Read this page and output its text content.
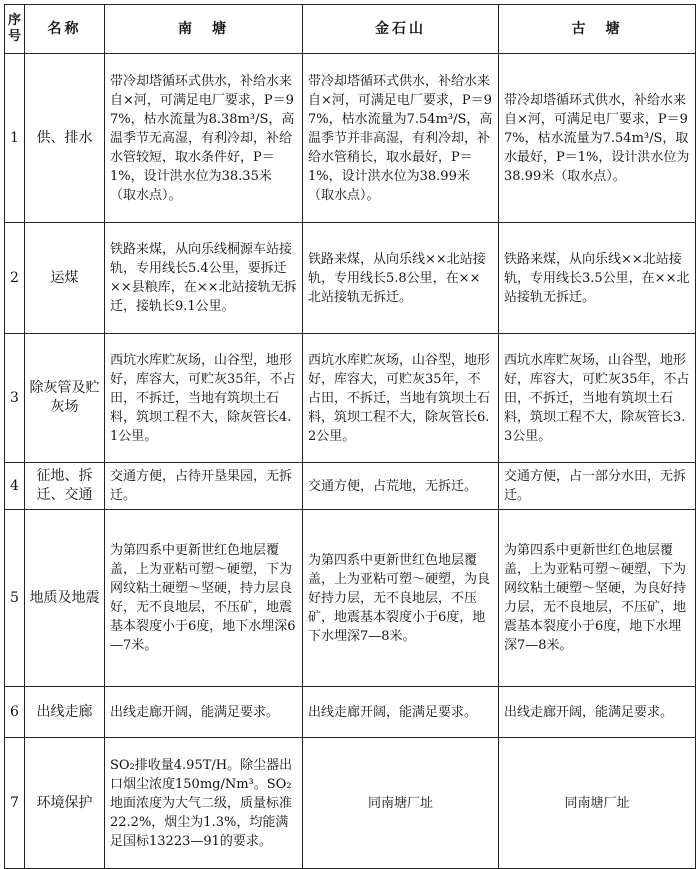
序号	名称	南　塘	金石山	古　塘
1	供、排水	带冷却塔循环式供水，补给水来自×河，可满足电厂要求，P＝97%，枯水流量为8.38m³/S，高温季节无高湿，有利冷却，补给水管较短，取水条件好，P＝1%，设计洪水位为38.35米（取水点）。	带冷却塔循环式供水，补给水来自×河，可满足电厂要求，P＝97%，枯水流量为7.54m³/S，高温季节并非高湿，有利冷却，补给水管稍长，取水最好，P＝1%，设计洪水位为38.99米（取水点）。	带冷却塔循环式供水，补给水来自×河，可满足电厂要求，P＝97%，枯水流量为7.54m³/S，取水最好，P＝1%，设计洪水位为38.99米（取水点）。
2	运煤	铁路来煤，从向乐线桐源车站接轨，专用线长5.4公里，要拆迁××县粮库，在××北站接轨无拆迁，接轨长9.1公里。	铁路来煤，从向乐线××北站接轨，专用线长5.8公里，在××北站接轨无拆迁。	铁路来煤，从向乐线××北站接轨，专用线长3.5公里，在××北站接轨无拆迁。
3	除灰管及贮灰场	西坑水库贮灰场，山谷型，地形好，库容大，可贮灰35年，不占田，不拆迁，当地有筑坝土石料，筑坝工程不大，除灰管长4.1公里。	西坑水库贮灰场，山谷型，地形好，库容大，可贮灰35年，不占田，不拆迁，当地有筑坝土石料，筑坝工程不大，除灰管长6.2公里。	西坑水库贮灰场，山谷型，地形好，库容大，可贮灰35年，不占田，不拆迁，当地有筑坝土石料，筑坝工程不大，除灰管长3.3公里。
4	征地、拆迁、交通	交通方便，占待开垦果园，无拆迁。	交通方便，占荒地，无拆迁。	交通方便，占一部分水田，无拆迁。
5	地质及地震	为第四系中更新世红色地层覆盖，上为亚粘可塑～硬塑，下为网纹粘土硬塑～坚硬，持力层良好，无不良地层，不压矿，地震基本裂度小于6度，地下水埋深6—7米。	为第四系中更新世红色地层覆盖，上为亚粘可塑～硬塑，为良好持力层，无不良地层，不压矿，地震基本裂度小于6度，地下水埋深7—8米。	为第四系中更新世红色地层覆盖，上为亚粘可塑～硬塑，下为网纹粘土硬塑～坚硬，为良好持力层，无不良地层，不压矿，地震基本裂度小于6度，地下水埋深7—8米。
6	出线走廊	出线走廊开阔，能满足要求。	出线走廊开阔，能满足要求。	出线走廊开阔，能满足要求。
7	环境保护	SO₂排收量4.95T/H。除尘器出口烟尘浓度150mg/Nm³。SO₂地面浓度为大气二级，质量标准22.2%，烟尘为1.3%，均能满足国标13223—91的要求。	同南塘厂址	同南塘厂址
